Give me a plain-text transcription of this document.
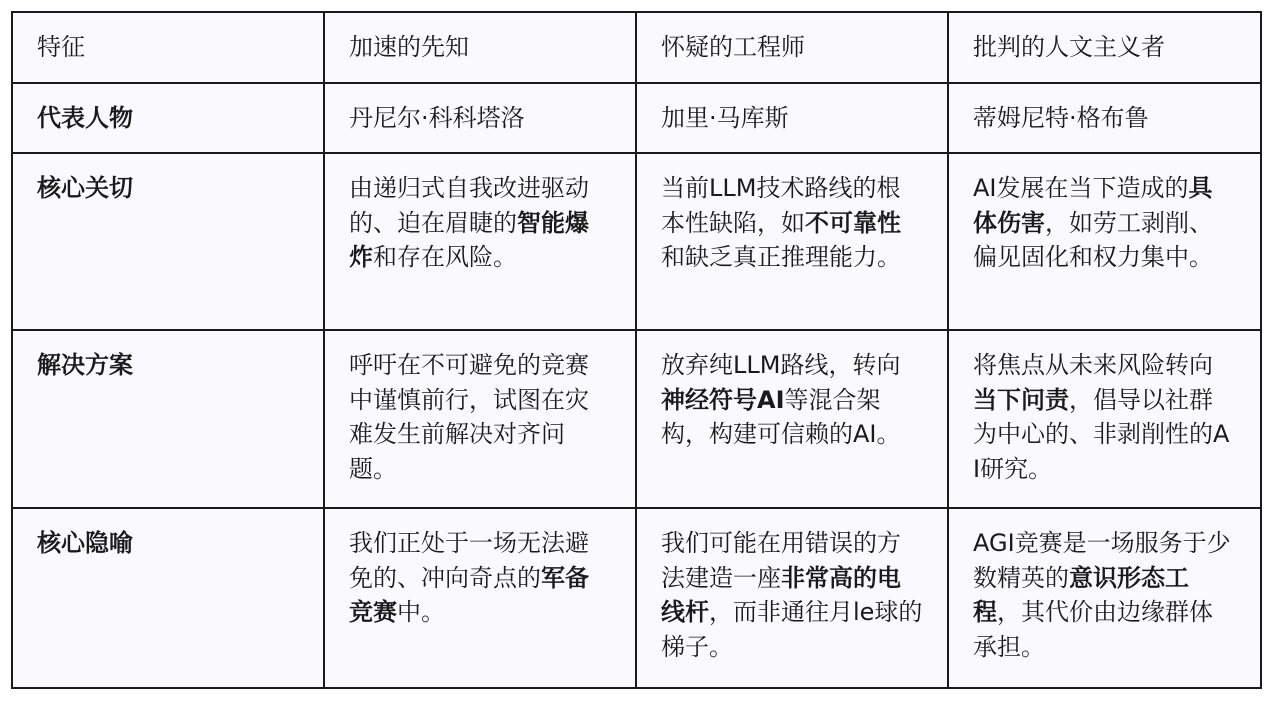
特征	加速的先知	怀疑的工程师	批判的人文主义者
代表人物	丹尼尔·科科塔洛	加里·马库斯	蒂姆尼特·格布鲁
核心关切	由递归式自我改进驱动的、迫在眉睫的智能爆炸和存在风险。	当前LLM技术路线的根本性缺陷，如不可靠性和缺乏真正推理能力。	AI发展在当下造成的具体伤害，如劳工剥削、偏见固化和权力集中。
解决方案	呼吁在不可避免的竞赛中谨慎前行，试图在灾难发生前解决对齐问题。	放弃纯LLM路线，转向神经符号AI等混合架构，构建可信赖的AI。	将焦点从未来风险转向当下问责，倡导以社群为中心的、非剥削性的AI研究。
核心隐喻	我们正处于一场无法避免的、冲向奇点的军备竞赛中。	我们可能在用错误的方法建造一座非常高的电线杆，而非通往月le球的梯子。	AGI竞赛是一场服务于少数精英的意识形态工程，其代价由边缘群体承担。
